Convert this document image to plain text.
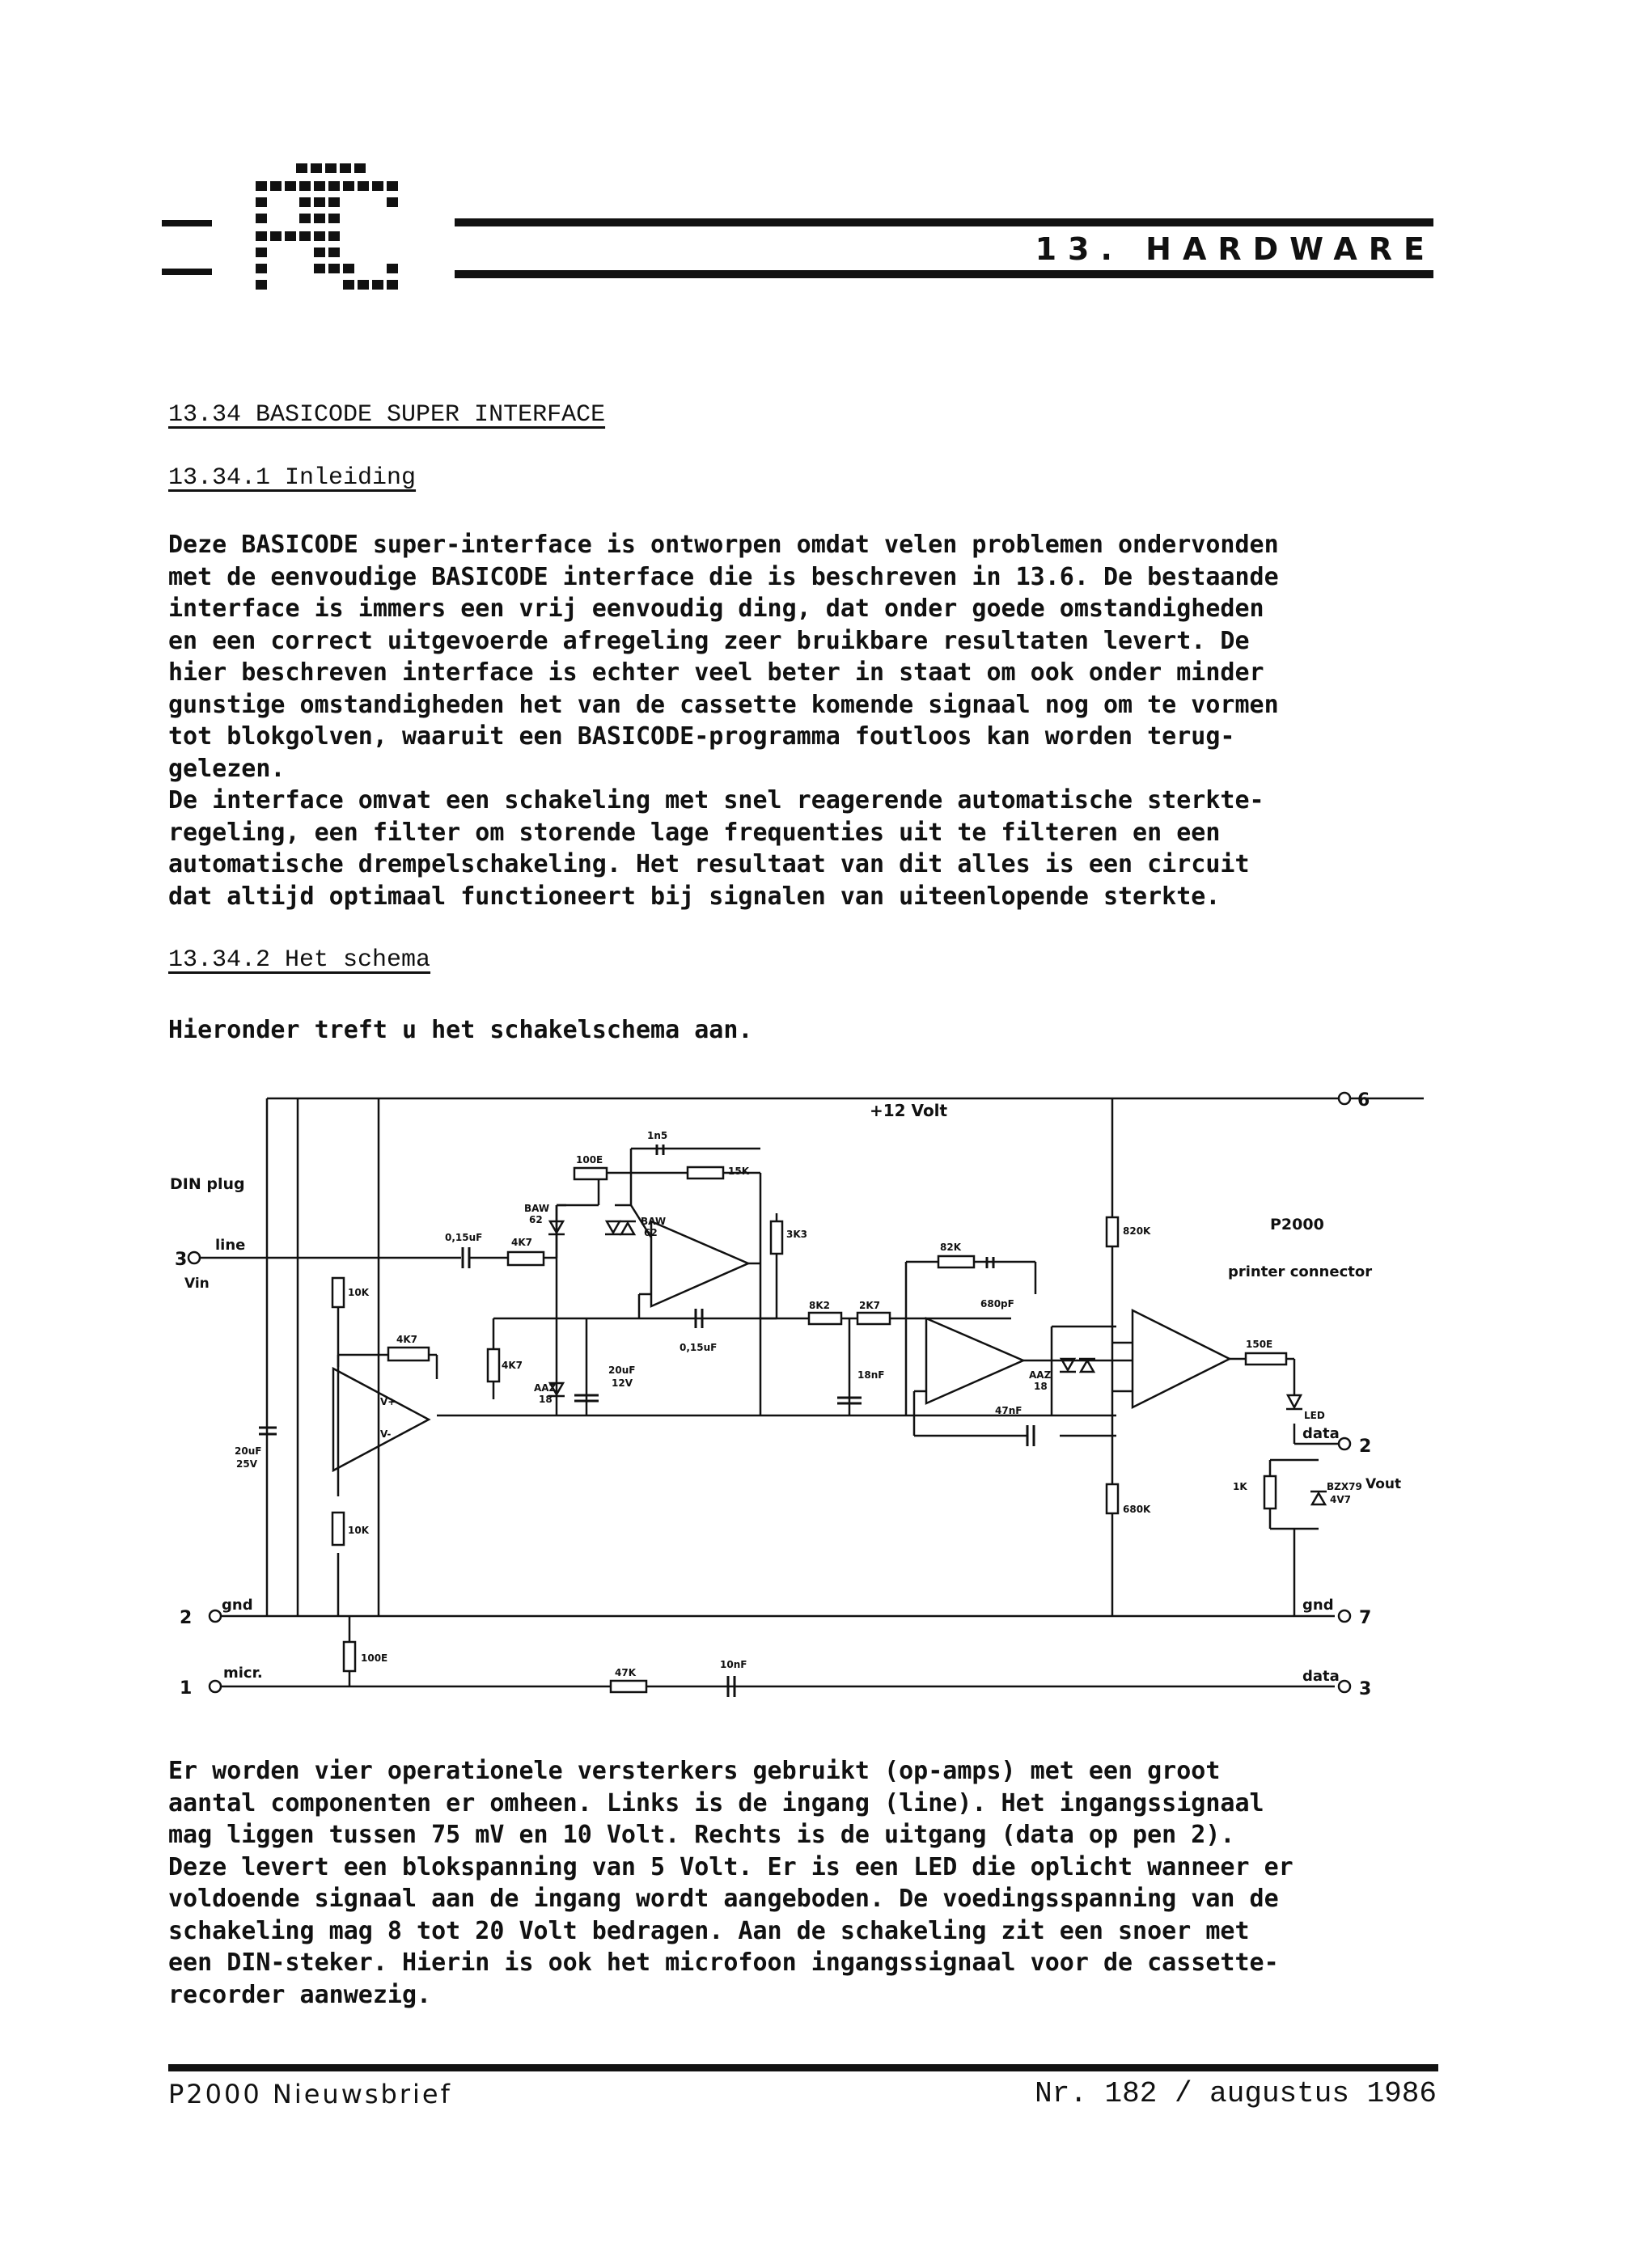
13. HARDWARE
13.34 BASICODE SUPER INTERFACE
13.34.1 Inleiding
Deze BASICODE super-interface is ontworpen omdat velen problemen ondervonden
met de eenvoudige BASICODE interface die is beschreven in 13.6. De bestaande
interface is immers een vrij eenvoudig ding, dat onder goede omstandigheden
en een correct uitgevoerde afregeling zeer bruikbare resultaten levert. De
hier beschreven interface is echter veel beter in staat om ook onder minder
gunstige omstandigheden het van de cassette komende signaal nog om te vormen
tot blokgolven, waaruit een BASICODE-programma foutloos kan worden terug-
gelezen.
De interface omvat een schakeling met snel reagerende automatische sterkte-
regeling, een filter om storende lage frequenties uit te filteren en een
automatische drempelschakeling. Het resultaat van dit alles is een circuit
dat altijd optimaal functioneert bij signalen van uiteenlopende sterkte.
13.34.2 Het schema
Hieronder treft u het schakelschema aan.
+12 Volt
DIN plug
3
line
Vin
2
gnd
1
micr.
6
P2000
printer connector
data
2
Vout
gnd
7
data
3
0,15uF	4K7
10K
4K7
20uF
25V
10K
V+
V-
100E
1n5
15K
BAW
62	BAW
62	3K3
4K7
AAZ
18
20uF
12V
0,15uF
8K2	2K7
82K
680pF
18nF	AAZ
18
47nF
820K
680K
150E
LED
1K	BZX79
4V7
100E
47K
10nF
Er worden vier operationele versterkers gebruikt (op-amps) met een groot
aantal componenten er omheen. Links is de ingang (line). Het ingangssignaal
mag liggen tussen 75 mV en 10 Volt. Rechts is de uitgang (data op pen 2).
Deze levert een blokspanning van 5 Volt. Er is een LED die oplicht wanneer er
voldoende signaal aan de ingang wordt aangeboden. De voedingsspanning van de
schakeling mag 8 tot 20 Volt bedragen. Aan de schakeling zit een snoer met
een DIN-steker. Hierin is ook het microfoon ingangssignaal voor de cassette-
recorder aanwezig.
P2000 Nieuwsbrief	Nr. 182 / augustus 1986
